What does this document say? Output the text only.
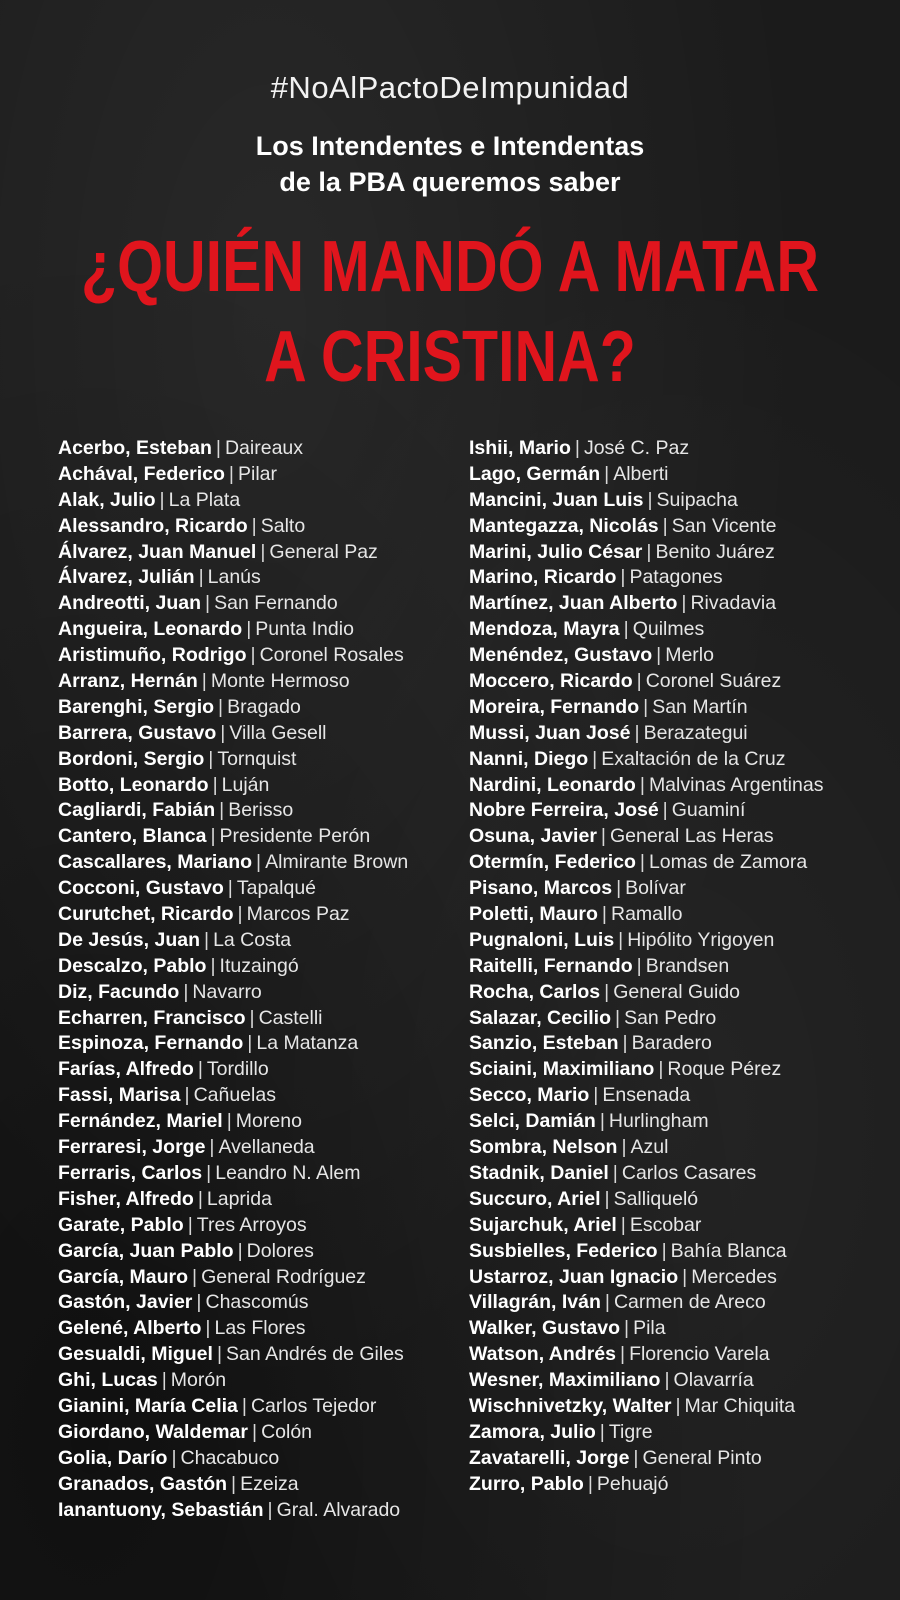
#NoAlPactoDeImpunidad
Los Intendentes e Intendentas
de la PBA queremos saber
¿QUIÉN MANDÓ A MATAR
A CRISTINA?
Acerbo, Esteban | Daireaux
Achával, Federico | Pilar
Alak, Julio | La Plata
Alessandro, Ricardo | Salto
Álvarez, Juan Manuel | General Paz
Álvarez, Julián | Lanús
Andreotti, Juan | San Fernando
Angueira, Leonardo | Punta Indio
Aristimuño, Rodrigo | Coronel Rosales
Arranz, Hernán | Monte Hermoso
Barenghi, Sergio | Bragado
Barrera, Gustavo | Villa Gesell
Bordoni, Sergio | Tornquist
Botto, Leonardo | Luján
Cagliardi, Fabián | Berisso
Cantero, Blanca | Presidente Perón
Cascallares, Mariano | Almirante Brown
Cocconi, Gustavo | Tapalqué
Curutchet, Ricardo | Marcos Paz
De Jesús, Juan | La Costa
Descalzo, Pablo | Ituzaingó
Diz, Facundo | Navarro
Echarren, Francisco | Castelli
Espinoza, Fernando | La Matanza
Farías, Alfredo | Tordillo
Fassi, Marisa | Cañuelas
Fernández, Mariel | Moreno
Ferraresi, Jorge | Avellaneda
Ferraris, Carlos | Leandro N. Alem
Fisher, Alfredo | Laprida
Garate, Pablo | Tres Arroyos
García, Juan Pablo | Dolores
García, Mauro | General Rodríguez
Gastón, Javier | Chascomús
Gelené, Alberto | Las Flores
Gesualdi, Miguel | San Andrés de Giles
Ghi, Lucas | Morón
Gianini, María Celia | Carlos Tejedor
Giordano, Waldemar | Colón
Golia, Darío | Chacabuco
Granados, Gastón | Ezeiza
Ianantuony, Sebastián | Gral. Alvarado
Ishii, Mario | José C. Paz
Lago, Germán | Alberti
Mancini, Juan Luis | Suipacha
Mantegazza, Nicolás | San Vicente
Marini, Julio César | Benito Juárez
Marino, Ricardo | Patagones
Martínez, Juan Alberto | Rivadavia
Mendoza, Mayra | Quilmes
Menéndez, Gustavo | Merlo
Moccero, Ricardo | Coronel Suárez
Moreira, Fernando | San Martín
Mussi, Juan José | Berazategui
Nanni, Diego | Exaltación de la Cruz
Nardini, Leonardo | Malvinas Argentinas
Nobre Ferreira, José | Guaminí
Osuna, Javier | General Las Heras
Otermín, Federico | Lomas de Zamora
Pisano, Marcos | Bolívar
Poletti, Mauro | Ramallo
Pugnaloni, Luis | Hipólito Yrigoyen
Raitelli, Fernando | Brandsen
Rocha, Carlos | General Guido
Salazar, Cecilio | San Pedro
Sanzio, Esteban | Baradero
Sciaini, Maximiliano | Roque Pérez
Secco, Mario | Ensenada
Selci, Damián | Hurlingham
Sombra, Nelson | Azul
Stadnik, Daniel | Carlos Casares
Succuro, Ariel | Salliqueló
Sujarchuk, Ariel | Escobar
Susbielles, Federico | Bahía Blanca
Ustarroz, Juan Ignacio | Mercedes
Villagrán, Iván | Carmen de Areco
Walker, Gustavo | Pila
Watson, Andrés | Florencio Varela
Wesner, Maximiliano | Olavarría
Wischnivetzky, Walter | Mar Chiquita
Zamora, Julio | Tigre
Zavatarelli, Jorge | General Pinto
Zurro, Pablo | Pehuajó
